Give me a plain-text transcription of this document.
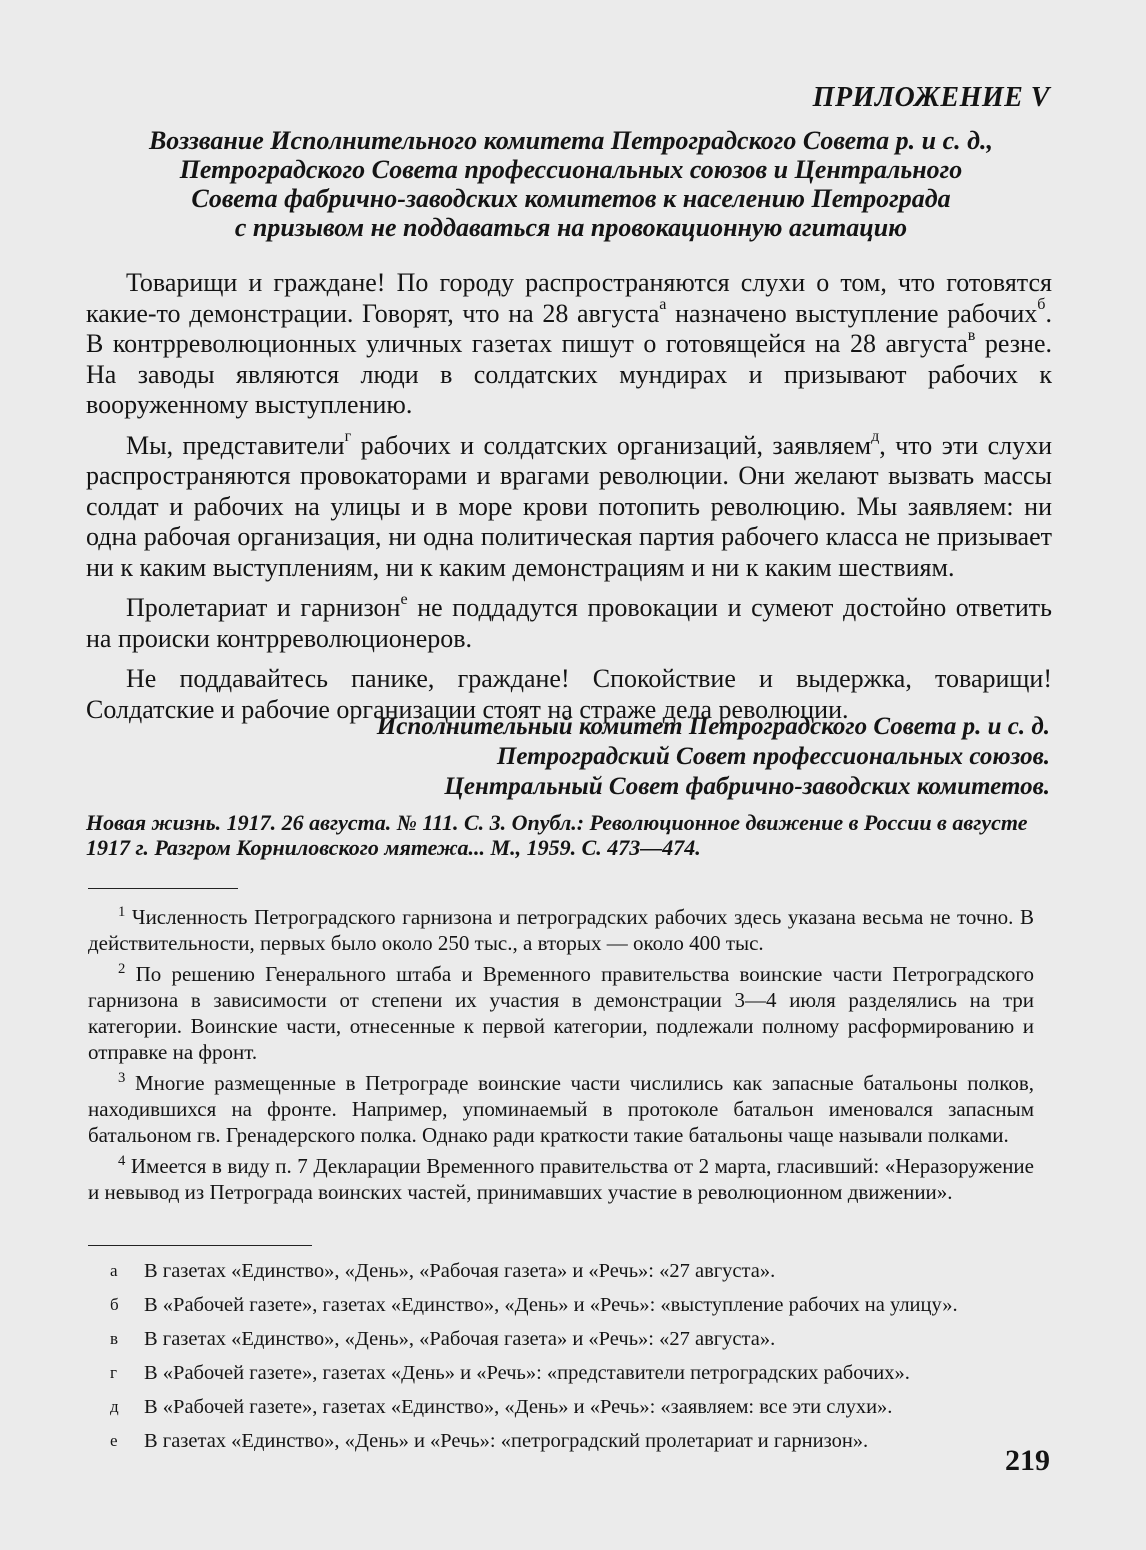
ПРИЛОЖЕНИЕ V
Воззвание Исполнительного комитета Петроградского Совета р. и с. д.,
Петроградского Совета профессиональных союзов и Центрального
Совета фабрично-заводских комитетов к населению Петрограда
с призывом не поддаваться на провокационную агитацию

Товарищи и граждане! По городу распространяются слухи о том, что готовятся какие-то демонстрации. Говорят, что на 28 августа$^а$ назначено выступление рабочих$^б$. В контрреволюционных уличных газетах пишут о готовящейся на 28 августа$^в$ резне. На заводы являются люди в солдатских мундирах и призывают рабочих к вооруженному выступлению.

Мы, представители$^г$ рабочих и солдатских организаций, заявляем$^д$, что эти слухи распространяются провокаторами и врагами революции. Они желают вызвать массы солдат и рабочих на улицы и в море крови потопить революцию. Мы заявляем: ни одна рабочая организация, ни одна политическая партия рабочего класса не призывает ни к каким выступлениям, ни к каким демонстрациям и ни к каким шествиям.

Пролетариат и гарнизон$^е$ не поддадутся провокации и сумеют достойно ответить на происки контрреволюционеров.

Не поддавайтесь панике, граждане! Спокойствие и выдержка, товарищи! Солдатские и рабочие организации стоят на страже дела революции.

Исполнительный комитет Петроградского Совета р. и с. д.
Петроградский Совет профессиональных союзов.
Центральный Совет фабрично-заводских комитетов.
Новая жизнь. 1917. 26 августа. № 111. С. 3. Опубл.: Революционное движение в России в августе 1917 г. Разгром Корниловского мятежа... М., 1959. С. 473—474.

$^1$ Численность Петроградского гарнизона и петроградских рабочих здесь указана весьма не точно. В действительности, первых было около 250 тыс., а вторых — около 400 тыс.

$^2$ По решению Генерального штаба и Временного правительства воинские части Петроградского гарнизона в зависимости от степени их участия в демонстрации 3—4 июля разделялись на три категории. Воинские части, отнесенные к первой категории, подлежали полному расформированию и отправке на фронт.

$^3$ Многие размещенные в Петрограде воинские части числились как запасные батальоны полков, находившихся на фронте. Например, упоминаемый в протоколе батальон именовался запасным батальоном гв. Гренадерского полка. Однако ради краткости такие батальоны чаще называли полками.

$^4$ Имеется в виду п. 7 Декларации Временного правительства от 2 марта, гласивший: «Неразоружение и невывод из Петрограда воинских частей, принимавших участие в революционном движении».

а	В газетах «Единство», «День», «Рабочая газета» и «Речь»: «27 августа».
б	В «Рабочей газете», газетах «Единство», «День» и «Речь»: «выступление рабочих на улицу».
в	В газетах «Единство», «День», «Рабочая газета» и «Речь»: «27 августа».
г	В «Рабочей газете», газетах «День» и «Речь»: «представители петроградских рабочих».
д	В «Рабочей газете», газетах «Единство», «День» и «Речь»: «заявляем: все эти слухи».
е	В газетах «Единство», «День» и «Речь»: «петроградский пролетариат и гарнизон».
219
